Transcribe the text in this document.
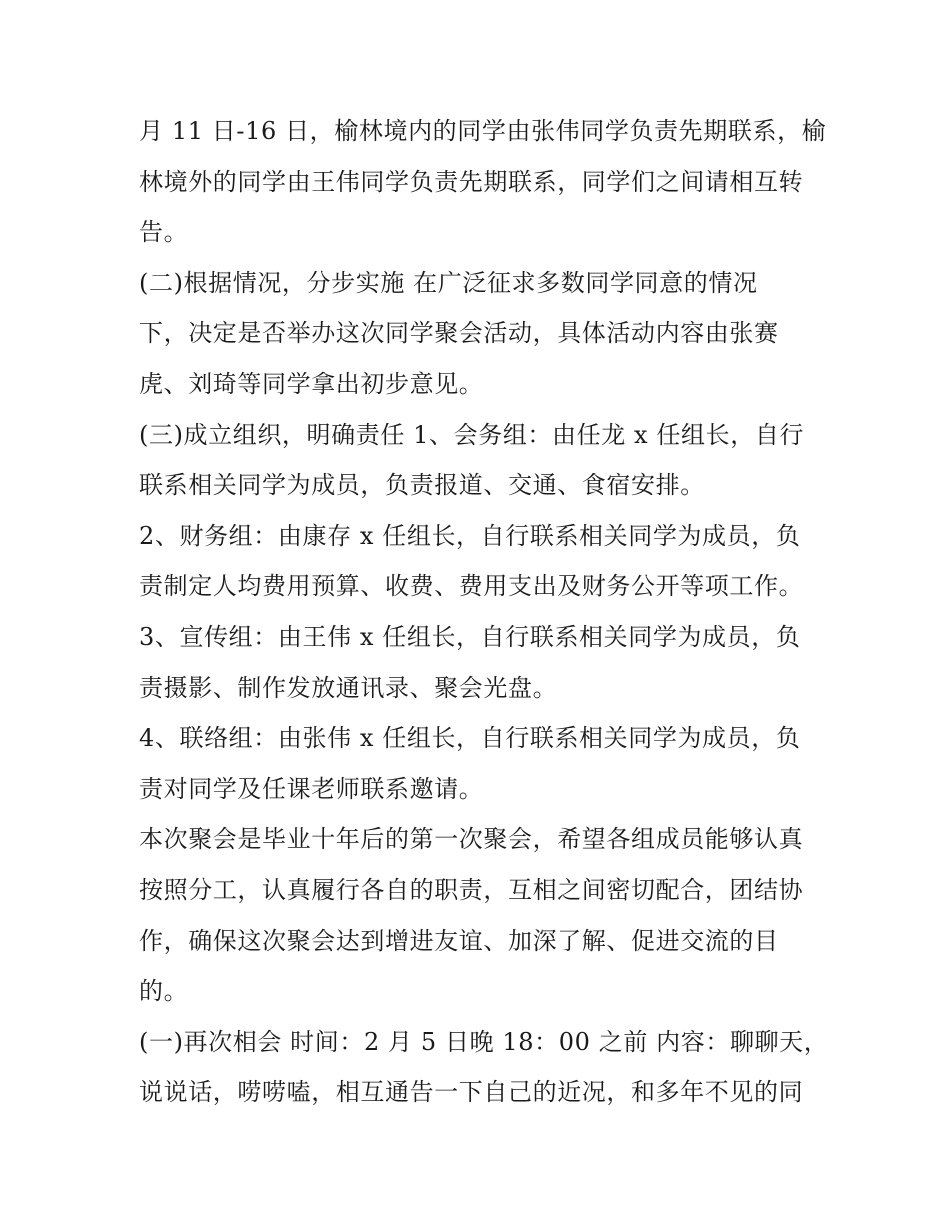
月 11 日-16 日，榆林境内的同学由张伟同学负责先期联系，榆
林境外的同学由王伟同学负责先期联系，同学们之间请相互转
告。
(二)根据情况，分步实施 在广泛征求多数同学同意的情况
下，决定是否举办这次同学聚会活动，具体活动内容由张赛
虎、刘琦等同学拿出初步意见。
(三)成立组织，明确责任 1、会务组：由任龙 x 任组长，自行
联系相关同学为成员，负责报道、交通、食宿安排。
2、财务组：由康存 x 任组长，自行联系相关同学为成员，负
责制定人均费用预算、收费、费用支出及财务公开等项工作。
3、宣传组：由王伟 x 任组长，自行联系相关同学为成员，负
责摄影、制作发放通讯录、聚会光盘。
4、联络组：由张伟 x 任组长，自行联系相关同学为成员，负
责对同学及任课老师联系邀请。
本次聚会是毕业十年后的第一次聚会，希望各组成员能够认真
按照分工，认真履行各自的职责，互相之间密切配合，团结协
作，确保这次聚会达到增进友谊、加深了解、促进交流的目
的。
(一)再次相会 时间：2 月 5 日晚 18：00 之前 内容：聊聊天，
说说话，唠唠嗑，相互通告一下自己的近况，和多年不见的同
